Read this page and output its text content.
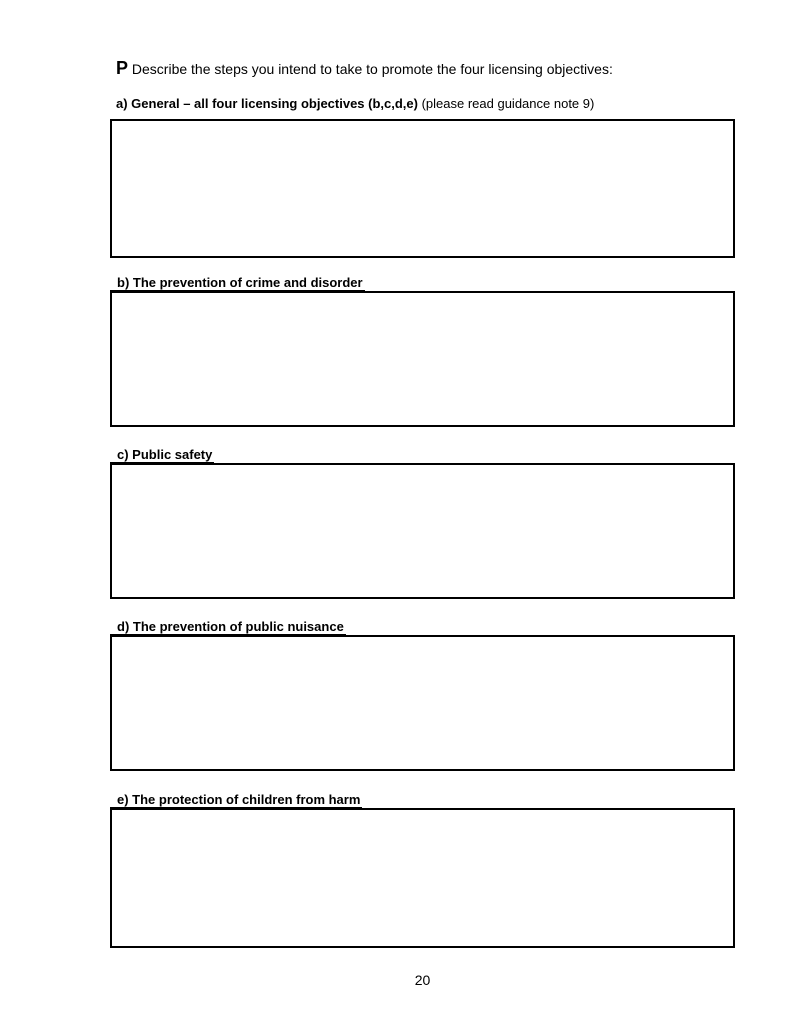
P Describe the steps you intend to take to promote the four licensing objectives:
a) General – all four licensing objectives (b,c,d,e) (please read guidance note 9)
b) The prevention of crime and disorder
c) Public safety
d) The prevention of public nuisance
e) The protection of children from harm
20
